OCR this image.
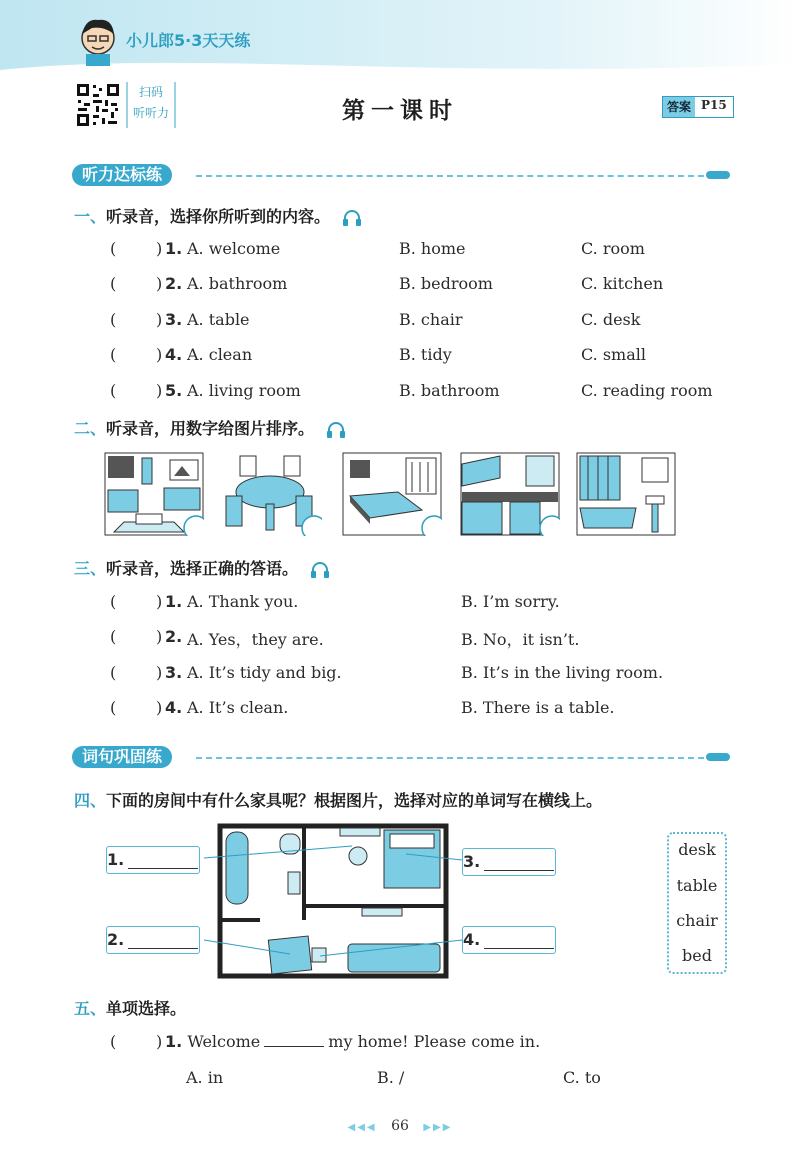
小儿郎5·3天天练
扫码
听听力	第一课时	答案 P15
听力达标练
一、听录音，选择你所听到的内容。
( ) 1. A. welcome	B. home	C. room
( ) 2. A. bathroom	B. bedroom	C. kitchen
( ) 3. A. table	B. chair	C. desk
( ) 4. A. clean	B. tidy	C. small
( ) 5. A. living room	B. bathroom	C. reading room
二、听录音，用数字给图片排序。
三、听录音，选择正确的答语。
( ) 1. A. Thank you.	B. I’m sorry.
( ) 2. A. Yes，they are.	B. No，it isn’t.
( ) 3. A. It’s tidy and big.	B. It’s in the living room.
( ) 4. A. It’s clean.	B. There is a table.
词句巩固练
四、下面的房间中有什么家具呢？根据图片，选择对应的单词写在横线上。
1.
2.
3.
4.
desk
table
chair
bed
五、单项选择。
( ) 1. Welcome	my home! Please come in.
A. in	B. /	C. to
◀◀◀ 66 ▶▶▶
